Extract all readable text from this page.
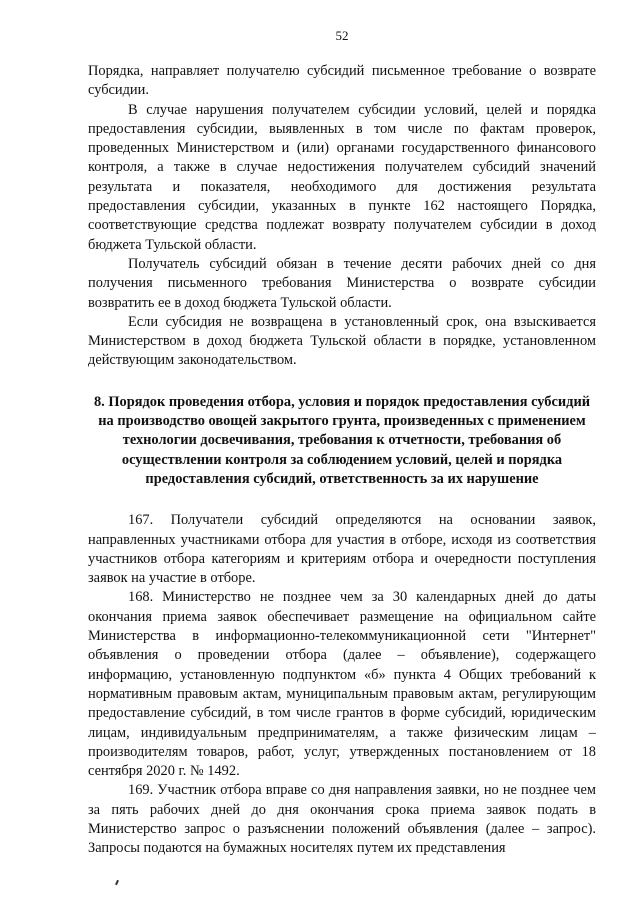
52

Порядка, направляет получателю субсидий письменное требование о возврате субсидии.

В случае нарушения получателем субсидии условий, целей и порядка предоставления субсидии, выявленных в том числе по фактам проверок, проведенных Министерством и (или) органами государственного финансового контроля, а также в случае недостижения получателем субсидий значений результата и показателя, необходимого для достижения результата предоставления субсидии, указанных в пункте 162 настоящего Порядка, соответствующие средства подлежат возврату получателем субсидии в доход бюджета Тульской области.

Получатель субсидий обязан в течение десяти рабочих дней со дня получения письменного требования Министерства о возврате субсидии возвратить ее в доход бюджета Тульской области.

Если субсидия не возвращена в установленный срок, она взыскивается Министерством в доход бюджета Тульской области в порядке, установленном действующим законодательством.

8. Порядок проведения отбора, условия и порядок предоставления субсидий на производство овощей закрытого грунта, произведенных с применением технологии досвечивания, требования к отчетности, требования об осуществлении контроля за соблюдением условий, целей и порядка предоставления субсидий, ответственность за их нарушение

167. Получатели субсидий определяются на основании заявок, направленных участниками отбора для участия в отборе, исходя из соответствия участников отбора категориям и критериям отбора и очередности поступления заявок на участие в отборе.

168. Министерство не позднее чем за 30 календарных дней до даты окончания приема заявок обеспечивает размещение на официальном сайте Министерства в информационно-телекоммуникационной сети "Интернет" объявления о проведении отбора (далее – объявление), содержащего информацию, установленную подпунктом «б» пункта 4 Общих требований к нормативным правовым актам, муниципальным правовым актам, регулирующим предоставление субсидий, в том числе грантов в форме субсидий, юридическим лицам, индивидуальным предпринимателям, а также физическим лицам – производителям товаров, работ, услуг, утвержденных постановлением от 18 сентября 2020 г. № 1492.

169. Участник отбора вправе со дня направления заявки, но не позднее чем за пять рабочих дней до дня окончания срока приема заявок подать в Министерство запрос о разъяснении положений объявления (далее – запрос). Запросы подаются на бумажных носителях путем их представления
